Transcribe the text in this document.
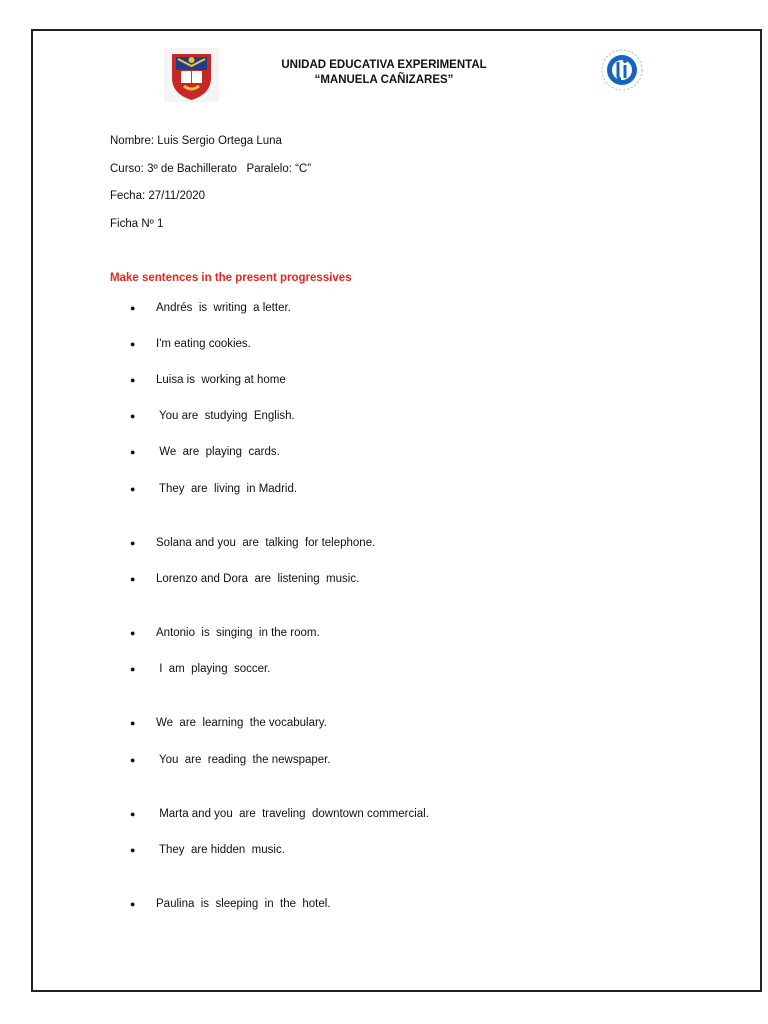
UNIDAD EDUCATIVA EXPERIMENTAL
“MANUELA CAÑIZARES”
Nombre: Luis Sergio Ortega Luna
Curso: 3º de Bachillerato   Paralelo: “C”
Fecha: 27/11/2020
Ficha Nº 1
Make sentences in the present progressives
● Andrés  is  writing  a letter.
● I'm eating cookies.
● Luisa is  working at home
● You are  studying  English.
● We  are  playing  cards.
● They  are  living  in Madrid.
● Solana and you  are  talking  for telephone.
● Lorenzo and Dora  are  listening  music.
● Antonio  is  singing  in the room.
● I  am  playing  soccer.
● We  are  learning  the vocabulary.
● You  are  reading  the newspaper.
● Marta and you  are  traveling  downtown commercial.
● They  are hidden  music.
● Paulina  is  sleeping  in  the  hotel.
